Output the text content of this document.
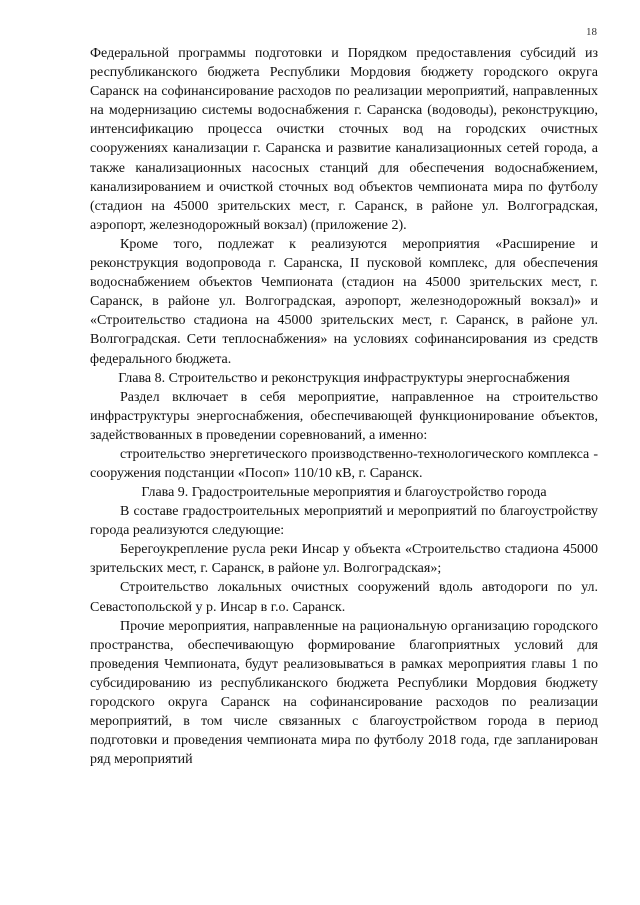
18

Федеральной программы подготовки и Порядком предоставления субсидий из республиканского бюджета Республики Мордовия бюджету городского округа Саранск на софинансирование расходов по реализации мероприятий, направленных на модернизацию системы водоснабжения г. Саранска (водоводы), реконструкцию, интенсификацию процесса очистки сточных вод на городских очистных сооружениях канализации г. Саранска и развитие канализационных сетей города, а также канализационных насосных станций для обеспечения водоснабжением, канализированием и очисткой сточных вод объектов чемпионата мира по футболу (стадион на 45000 зрительских мест, г. Саранск, в районе ул. Волгоградская, аэропорт, железнодорожный вокзал) (приложение 2).

Кроме того, подлежат к реализуются мероприятия «Расширение и реконструкция водопровода г. Саранска, II пусковой комплекс, для обеспечения водоснабжением объектов Чемпионата (стадион на 45000 зрительских мест, г. Саранск, в районе ул. Волгоградская, аэропорт, железнодорожный вокзал)» и «Строительство стадиона на 45000 зрительских мест, г. Саранск, в районе ул. Волгоградская. Сети теплоснабжения» на условиях софинансирования из средств федерального бюджета.

Глава 8. Строительство и реконструкция инфраструктуры энергоснабжения

Раздел включает в себя мероприятие, направленное на строительство инфраструктуры энергоснабжения, обеспечивающей функционирование объектов, задействованных в проведении соревнований, а именно:

строительство энергетического производственно-технологического комплекса - сооружения подстанции «Посоп» 110/10 кВ, г. Саранск.

Глава 9. Градостроительные мероприятия и благоустройство города

В составе градостроительных мероприятий и мероприятий по благоустройству города реализуются следующие:

Берегоукрепление русла реки Инсар у объекта «Строительство стадиона 45000 зрительских мест, г. Саранск, в районе ул. Волгоградская»;

Строительство локальных очистных сооружений вдоль автодороги по ул. Севастопольской у р. Инсар в г.о. Саранск.

Прочие мероприятия, направленные на рациональную организацию городского пространства, обеспечивающую формирование благоприятных условий для проведения Чемпионата, будут реализовываться в рамках мероприятия главы 1 по субсидированию из республиканского бюджета Республики Мордовия бюджету городского округа Саранск на софинансирование расходов по реализации мероприятий, в том числе связанных с благоустройством города в период подготовки и проведения чемпионата мира по футболу 2018 года, где запланирован ряд мероприятий
